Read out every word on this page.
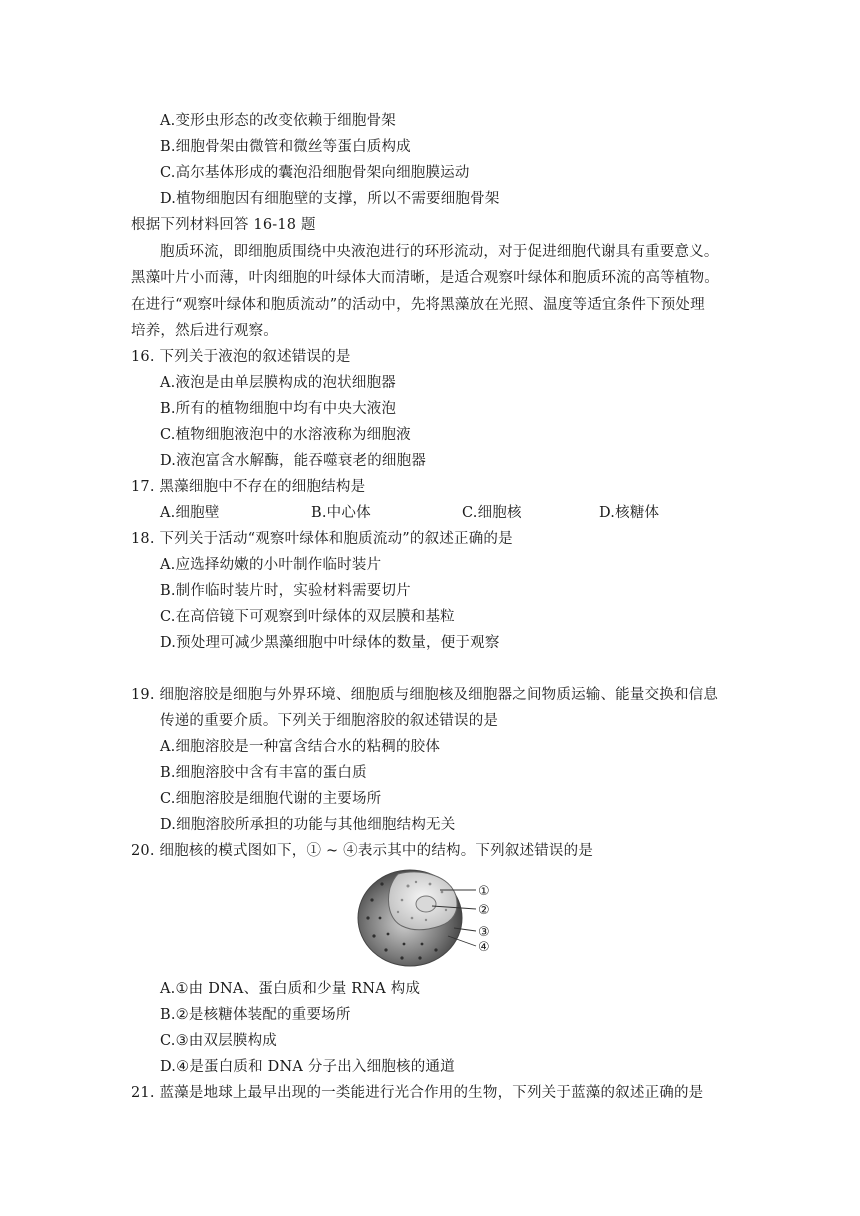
A.变形虫形态的改变依赖于细胞骨架
B.细胞骨架由微管和微丝等蛋白质构成
C.高尔基体形成的囊泡沿细胞骨架向细胞膜运动
D.植物细胞因有细胞壁的支撑，所以不需要细胞骨架
根据下列材料回答 16-18 题
胞质环流，即细胞质围绕中央液泡进行的环形流动，对于促进细胞代谢具有重要意义。
黑藻叶片小而薄，叶肉细胞的叶绿体大而清晰，是适合观察叶绿体和胞质环流的高等植物。
在进行“观察叶绿体和胞质流动”的活动中，先将黑藻放在光照、温度等适宜条件下预处理
培养，然后进行观察。
16. 下列关于液泡的叙述错误的是
A.液泡是由单层膜构成的泡状细胞器
B.所有的植物细胞中均有中央大液泡
C.植物细胞液泡中的水溶液称为细胞液
D.液泡富含水解酶，能吞噬衰老的细胞器
17. 黑藻细胞中不存在的细胞结构是
A.细胞壁	B.中心体	C.细胞核	D.核糖体
18. 下列关于活动“观察叶绿体和胞质流动”的叙述正确的是
A.应选择幼嫩的小叶制作临时装片
B.制作临时装片时，实验材料需要切片
C.在高倍镜下可观察到叶绿体的双层膜和基粒
D.预处理可减少黑藻细胞中叶绿体的数量，便于观察
19. 细胞溶胶是细胞与外界环境、细胞质与细胞核及细胞器之间物质运输、能量交换和信息
传递的重要介质。下列关于细胞溶胶的叙述错误的是
A.细胞溶胶是一种富含结合水的粘稠的胶体
B.细胞溶胶中含有丰富的蛋白质
C.细胞溶胶是细胞代谢的主要场所
D.细胞溶胶所承担的功能与其他细胞结构无关
20. 细胞核的模式图如下，① ~ ④表示其中的结构。下列叙述错误的是
①
②
③
④
A.①由 DNA、蛋白质和少量 RNA 构成
B.②是核糖体装配的重要场所
C.③由双层膜构成
D.④是蛋白质和 DNA 分子出入细胞核的通道
21. 蓝藻是地球上最早出现的一类能进行光合作用的生物，下列关于蓝藻的叙述正确的是
